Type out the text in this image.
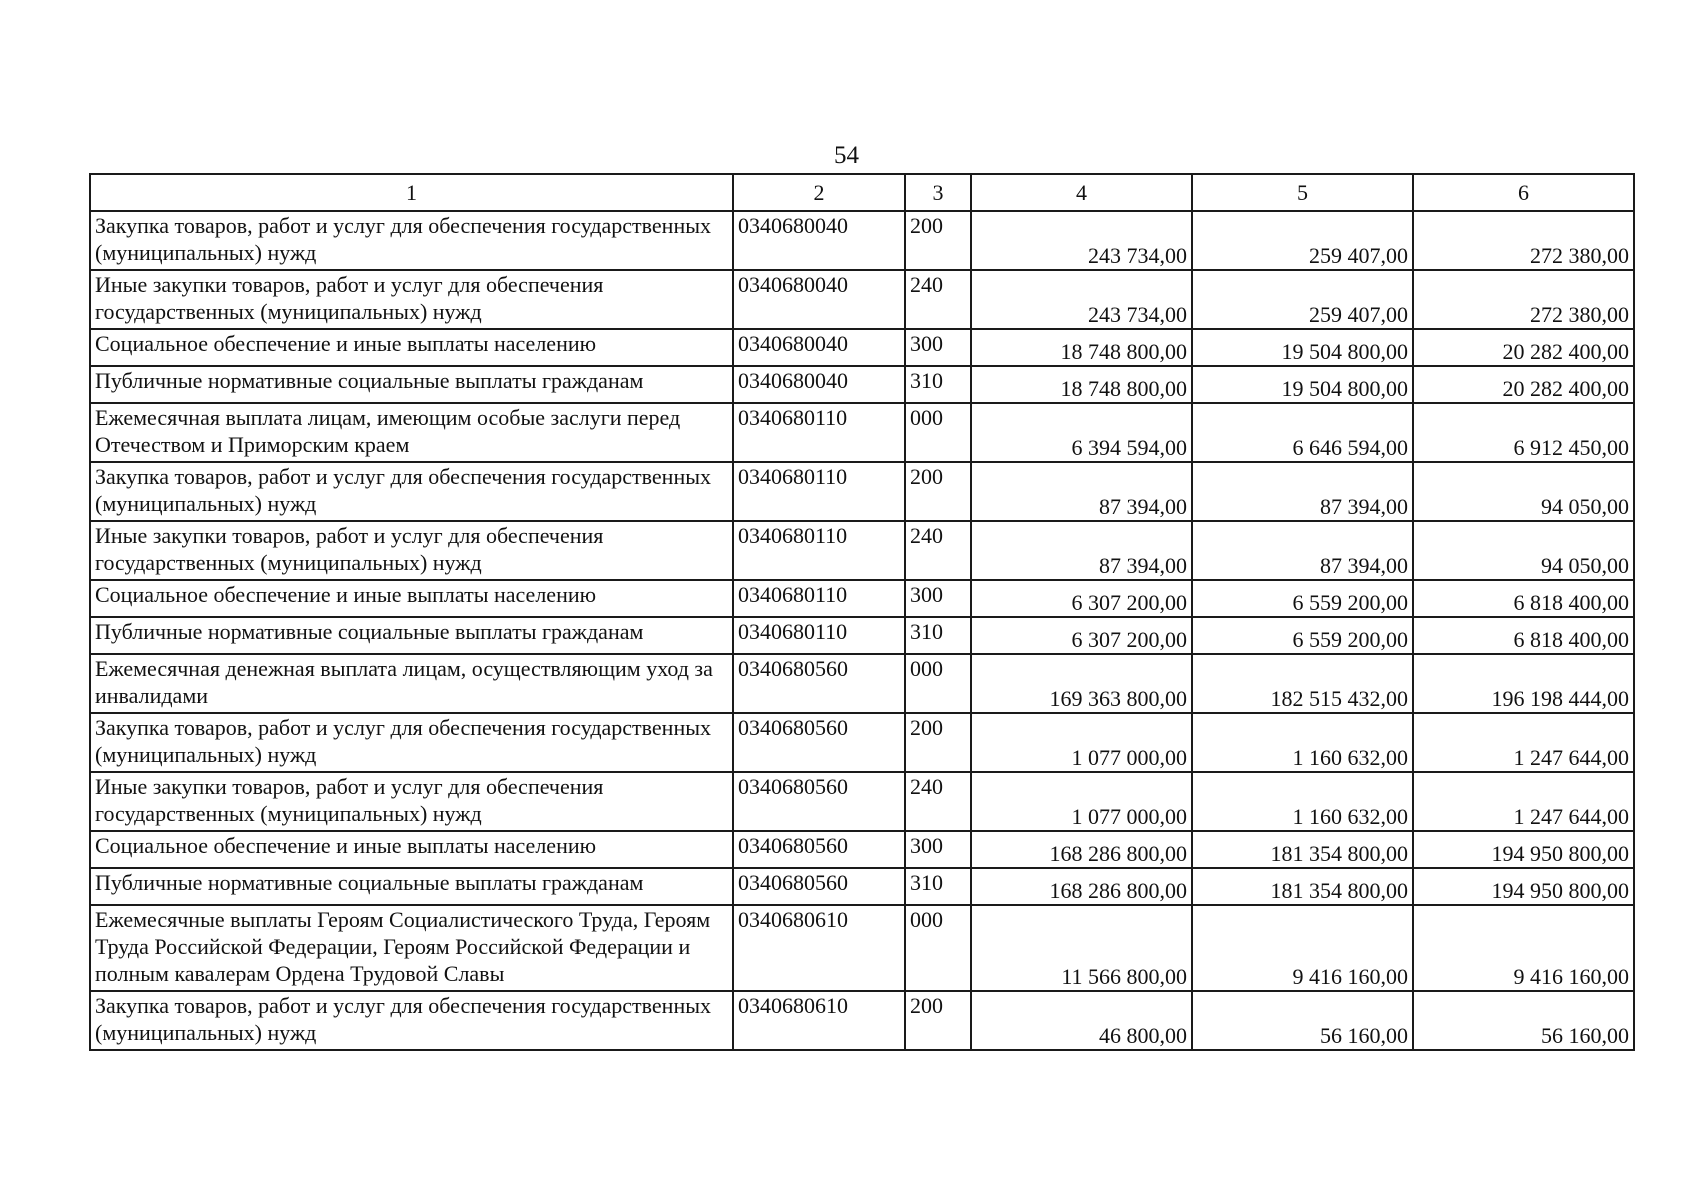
54
1	2	3	4	5	6
Закупка товаров, работ и услуг для обеспечения государственных (муниципальных) нужд	0340680040	200	243 734,00	259 407,00	272 380,00
Иные закупки товаров, работ и услуг для обеспечения государственных (муниципальных) нужд	0340680040	240	243 734,00	259 407,00	272 380,00
Социальное обеспечение и иные выплаты населению	0340680040	300	18 748 800,00	19 504 800,00	20 282 400,00
Публичные нормативные социальные выплаты гражданам	0340680040	310	18 748 800,00	19 504 800,00	20 282 400,00
Ежемесячная выплата лицам, имеющим особые заслуги перед Отечеством и Приморским краем	0340680110	000	6 394 594,00	6 646 594,00	6 912 450,00
Закупка товаров, работ и услуг для обеспечения государственных (муниципальных) нужд	0340680110	200	87 394,00	87 394,00	94 050,00
Иные закупки товаров, работ и услуг для обеспечения государственных (муниципальных) нужд	0340680110	240	87 394,00	87 394,00	94 050,00
Социальное обеспечение и иные выплаты населению	0340680110	300	6 307 200,00	6 559 200,00	6 818 400,00
Публичные нормативные социальные выплаты гражданам	0340680110	310	6 307 200,00	6 559 200,00	6 818 400,00
Ежемесячная денежная выплата лицам, осуществляющим уход за инвалидами	0340680560	000	169 363 800,00	182 515 432,00	196 198 444,00
Закупка товаров, работ и услуг для обеспечения государственных (муниципальных) нужд	0340680560	200	1 077 000,00	1 160 632,00	1 247 644,00
Иные закупки товаров, работ и услуг для обеспечения государственных (муниципальных) нужд	0340680560	240	1 077 000,00	1 160 632,00	1 247 644,00
Социальное обеспечение и иные выплаты населению	0340680560	300	168 286 800,00	181 354 800,00	194 950 800,00
Публичные нормативные социальные выплаты гражданам	0340680560	310	168 286 800,00	181 354 800,00	194 950 800,00
Ежемесячные выплаты Героям Социалистического Труда, Героям Труда Российской Федерации, Героям Российской Федерации и полным кавалерам Ордена Трудовой Славы	0340680610	000	11 566 800,00	9 416 160,00	9 416 160,00
Закупка товаров, работ и услуг для обеспечения государственных (муниципальных) нужд	0340680610	200	46 800,00	56 160,00	56 160,00
